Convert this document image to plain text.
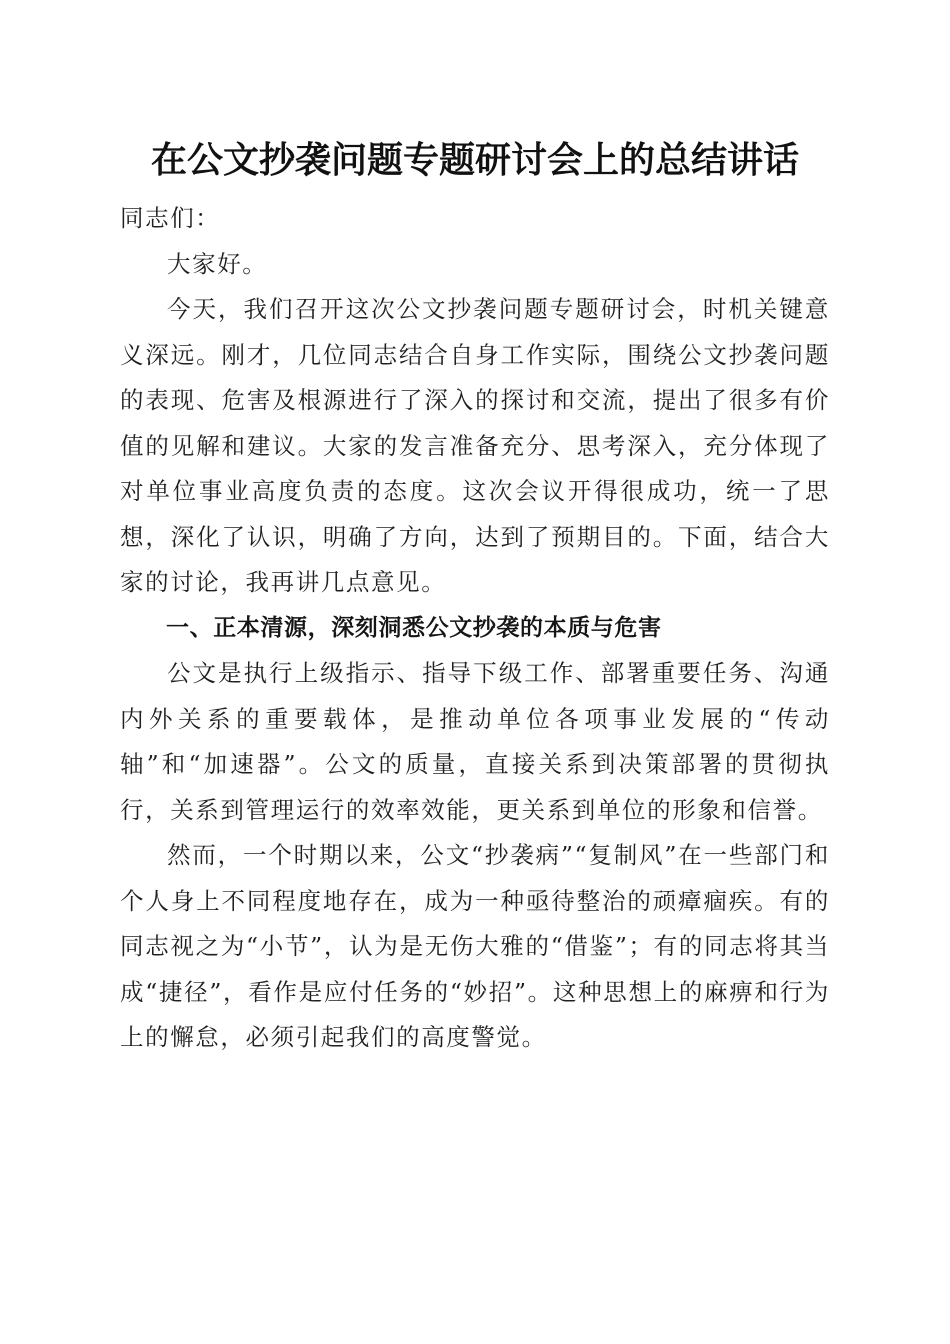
在公文抄袭问题专题研讨会上的总结讲话

同志们：

大家好。

今天，我们召开这次公文抄袭问题专题研讨会，时机关键意义深远。刚才，几位同志结合自身工作实际，围绕公文抄袭问题的表现、危害及根源进行了深入的探讨和交流，提出了很多有价值的见解和建议。大家的发言准备充分、思考深入，充分体现了对单位事业高度负责的态度。这次会议开得很成功，统一了思想，深化了认识，明确了方向，达到了预期目的。下面，结合大家的讨论，我再讲几点意见。

一、正本清源，深刻洞悉公文抄袭的本质与危害

公文是执行上级指示、指导下级工作、部署重要任务、沟通内外关系的重要载体，是推动单位各项事业发展的“传动轴”和“加速器”。公文的质量，直接关系到决策部署的贯彻执行，关系到管理运行的效率效能，更关系到单位的形象和信誉。

然而，一个时期以来，公文“抄袭病”“复制风”在一些部门和个人身上不同程度地存在，成为一种亟待整治的顽瘴痼疾。有的同志视之为“小节”，认为是无伤大雅的“借鉴”；有的同志将其当成“捷径”，看作是应付任务的“妙招”。这种思想上的麻痹和行为上的懈怠，必须引起我们的高度警觉。
